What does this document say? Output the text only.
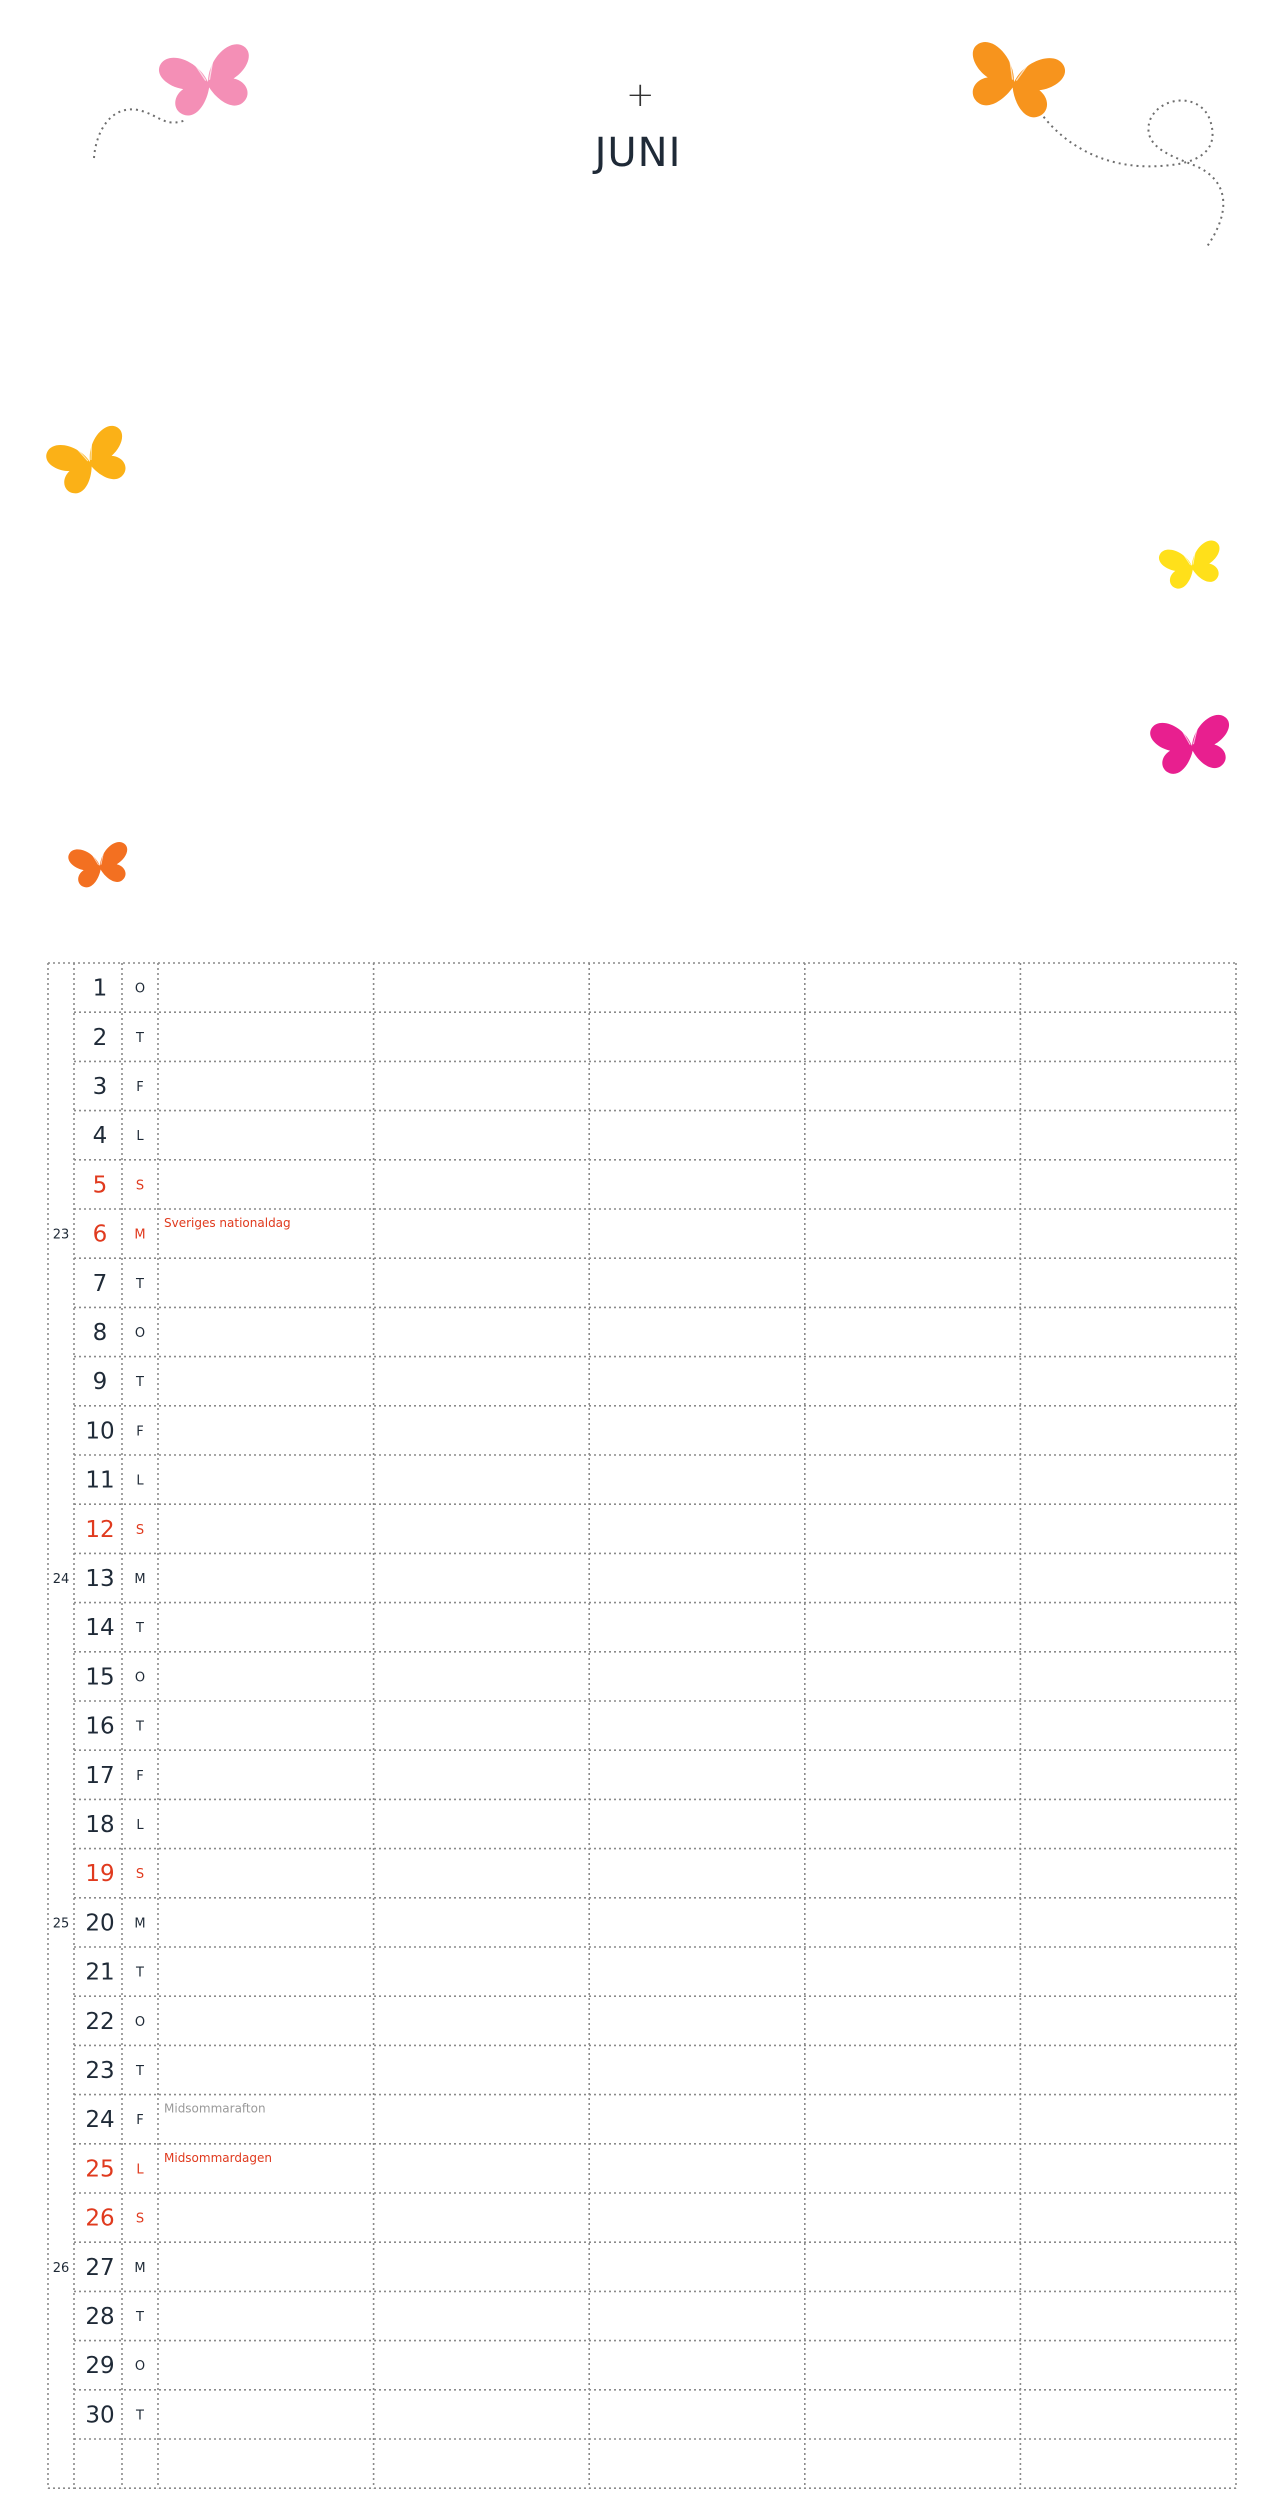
+
JUNI
1 O
2 T
3 F
4 L
5 S
6 M
23
Sveriges nationaldag
7 T
8 O
9 T
10 F
11 L
12 S
13 M
24
14 T
15 O
16 T
17 F
18 L
19 S
20 M
25
21 T
22 O
23 T
24 F
Midsommarafton
25 L
Midsommardagen
26 S
27 M
26
28 T
29 O
30 T
